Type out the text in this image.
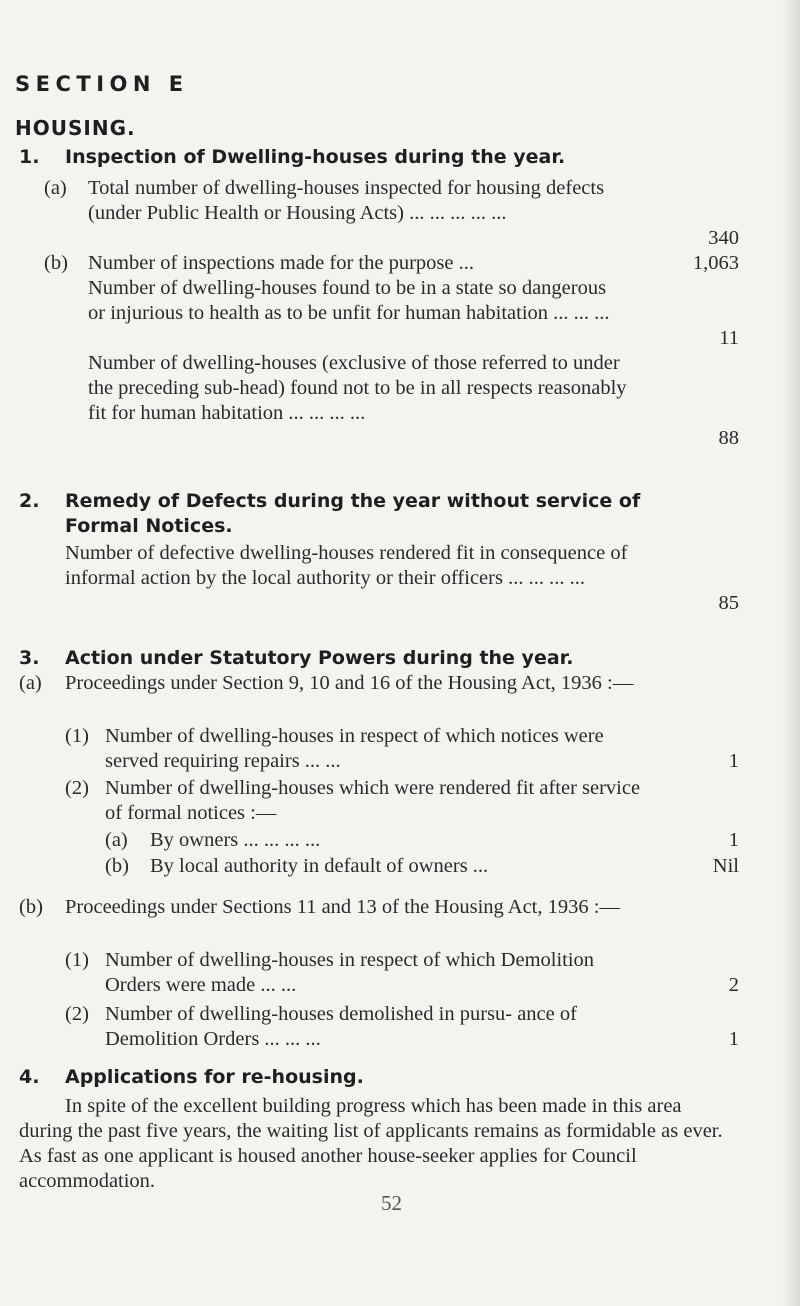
SECTION E
HOUSING.
1. Inspection of Dwelling-houses during the year.
(a) Total number of dwelling-houses inspected for housing defects (under Public Health or Housing Acts) ... ... ... ... ...
340
(b) Number of inspections made for the purpose ...	1,063
Number of dwelling-houses found to be in a state so dangerous or injurious to health as to be unfit for human habitation ... ... ...
11
Number of dwelling-houses (exclusive of those referred to under the preceding sub-head) found not to be in all respects reasonably fit for human habitation ... ... ... ...
88
2. Remedy of Defects during the year without service of
Formal Notices.
Number of defective dwelling-houses rendered fit in consequence of informal action by the local authority or their officers ... ... ... ...
85
3. Action under Statutory Powers during the year.
(a) Proceedings under Section 9, 10 and 16 of the Housing Act, 1936 :—
(1) Number of dwelling-houses in respect of which notices were served requiring repairs ... ...	1
(2) Number of dwelling-houses which were rendered fit after service of formal notices :—
(a) By owners ... ... ... ...	1
(b) By local authority in default of owners ...	Nil
(b) Proceedings under Sections 11 and 13 of the Housing Act, 1936 :—
(1) Number of dwelling-houses in respect of which Demolition Orders were made ... ...	2
(2) Number of dwelling-houses demolished in pursu- ance of Demolition Orders ... ... ...	1
4. Applications for re-housing.
In spite of the excellent building progress which has been made in this area during the past five years, the waiting list of applicants remains as formidable as ever. As fast as one applicant is housed another house-seeker applies for Council accommodation.
52
